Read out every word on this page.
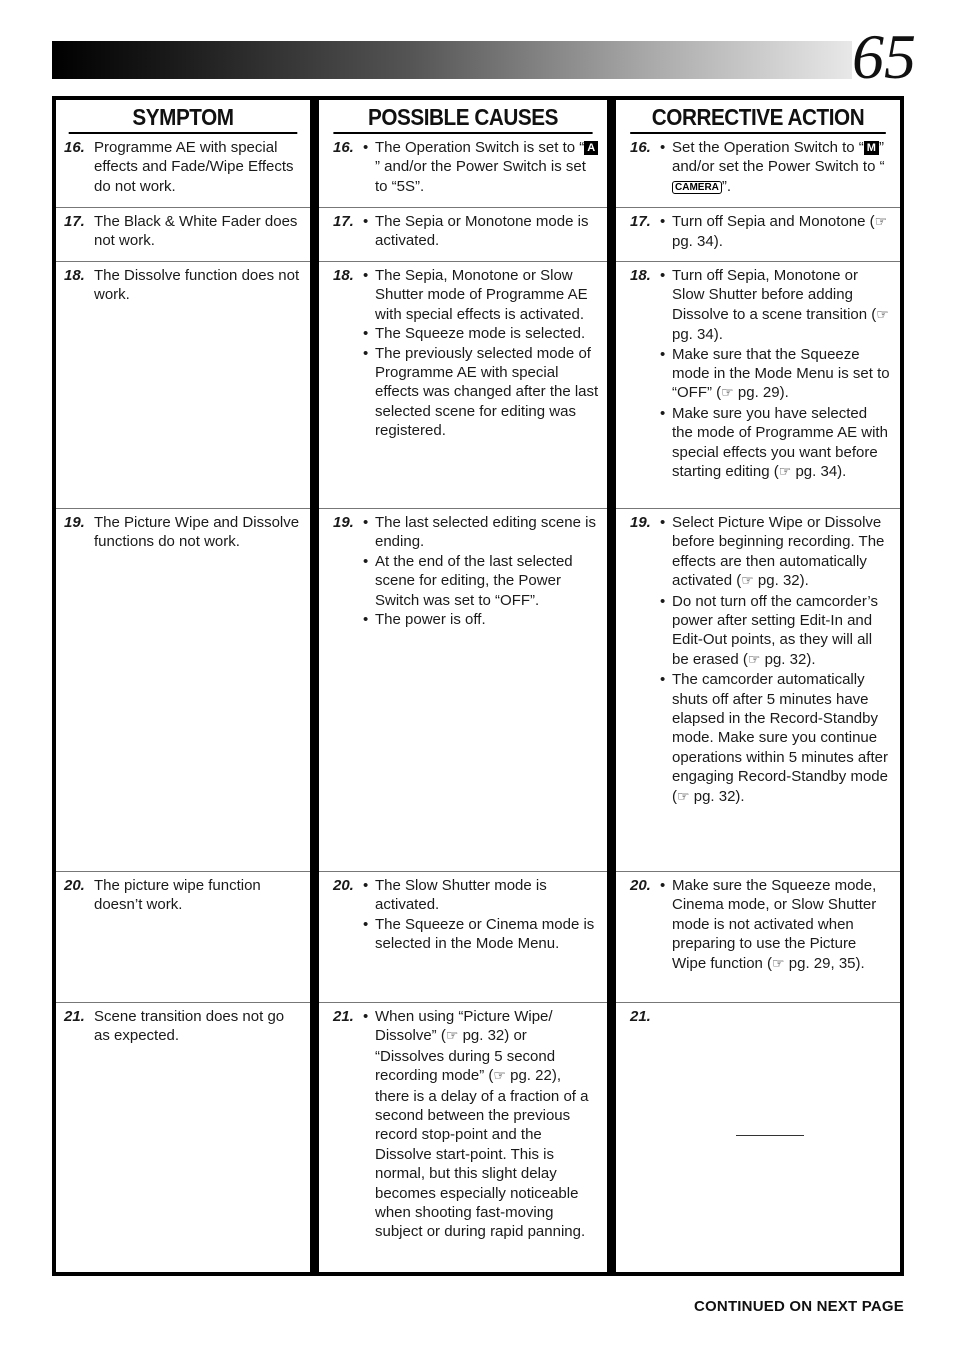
65
SYMPTOM
16. Programme AE with special effects and Fade/Wipe Effects do not work.
17. The Black & White Fader does not work.
18. The Dissolve function does not work.
19. The Picture Wipe and Dissolve functions do not work.
20. The picture wipe function doesn’t work.
21. Scene transition does not go as expected.
POSSIBLE CAUSES
16. • The Operation Switch is set to “ A” and/or the Power Switch is set to “5S”.
17. • The Sepia or Monotone mode is activated.
18. • The Sepia, Monotone or Slow Shutter mode of Programme AE with special effects is activated.
• The Squeeze mode is selected.
• The previously selected mode of Programme AE with special effects was changed after the last selected scene for editing was registered.
19. • The last selected editing scene is ending.
• At the end of the last selected scene for editing, the Power Switch was set to “OFF”.
• The power is off.
20. • The Slow Shutter mode is activated.
• The Squeeze or Cinema mode is selected in the Mode Menu.
21. • When using “Picture Wipe/ Dissolve” (☞ pg. 32) or “Dissolves during 5 second recording mode” (☞ pg. 22), there is a delay of a fraction of a second between the previous record stop-point and the Dissolve start-point. This is normal, but this slight delay becomes especially noticeable when shooting fast-moving subject or during rapid panning.
CORRECTIVE ACTION
16. • Set the Operation Switch to “ M ” and/or set the Power Switch to “CAMERA ”.
17. • Turn off Sepia and Monotone (☞ pg. 34).
18. • Turn off Sepia, Monotone or Slow Shutter before adding Dissolve to a scene transition (☞ pg. 34).
• Make sure that the Squeeze mode in the Mode Menu is set to “OFF” (☞ pg. 29).
• Make sure you have selected the mode of Programme AE with special effects you want before starting editing (☞ pg. 34).
19. • Select Picture Wipe or Dissolve before beginning recording. The effects are then automatically activated (☞ pg. 32).
• Do not turn off the camcorder’s power after setting Edit-In and Edit-Out points, as they will all be erased (☞ pg. 32).
• The camcorder automatically shuts off after 5 minutes have elapsed in the Record-Standby mode. Make sure you continue operations within 5 minutes after engaging Record-Standby mode (☞ pg. 32).
20. • Make sure the Squeeze mode, Cinema mode, or Slow Shutter mode is not activated when preparing to use the Picture Wipe function (☞ pg. 29, 35).
21.
CONTINUED ON NEXT PAGE
